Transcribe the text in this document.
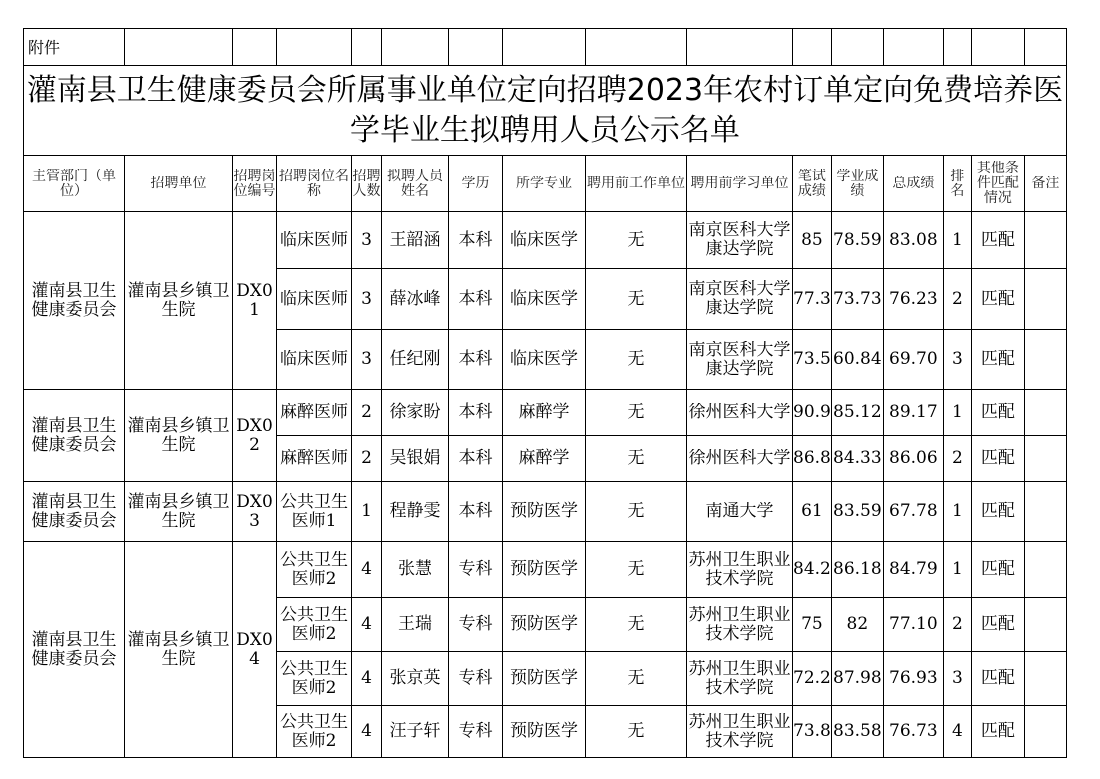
附件															
灌南县卫生健康委员会所属事业单位定向招聘2023年农村订单定向免费培养医学毕业生拟聘用人员公示名单															

主管部门（单位）	招聘单位	招聘岗位编号	招聘岗位名称	招聘人数	拟聘人员姓名	学历	所学专业	聘用前工作单位	聘用前学习单位	笔试成绩	学业成绩	总成绩	排名	其他条件匹配情况	备注

灌南县卫生健康委员会	灌南县乡镇卫生院	DX01	临床医师	3	王韶涵	本科	临床医学	无	南京医科大学康达学院	85	78.59	83.08	1	匹配	

			临床医师	3	薛冰峰	本科	临床医学	无	南京医科大学康达学院	77.3	73.73	76.23	2	匹配	

			临床医师	3	任纪刚	本科	临床医学	无	南京医科大学康达学院	73.5	60.84	69.70	3	匹配	
灌南县卫生健康委员会	灌南县乡镇卫生院	DX02	麻醉医师	2	徐家盼	本科	麻醉学	无	徐州医科大学	90.9	85.12	89.17	1	匹配	

			麻醉医师	2	吴银娟	本科	麻醉学	无	徐州医科大学	86.8	84.33	86.06	2	匹配	
灌南县卫生健康委员会	灌南县乡镇卫生院	DX03	公共卫生医师1	1	程静雯	本科	预防医学	无	南通大学	61	83.59	67.78	1	匹配	
灌南县卫生健康委员会	灌南县乡镇卫生院	DX04	公共卫生医师2	4	张慧	专科	预防医学	无	苏州卫生职业技术学院	84.2	86.18	84.79	1	匹配	

			公共卫生医师2	4	王瑞	专科	预防医学	无	苏州卫生职业技术学院	75	82	77.10	2	匹配	

			公共卫生医师2	4	张京英	专科	预防医学	无	苏州卫生职业技术学院	72.2	87.98	76.93	3	匹配	

			公共卫生医师2	4	汪子轩	专科	预防医学	无	苏州卫生职业技术学院	73.8	83.58	76.73	4	匹配	
